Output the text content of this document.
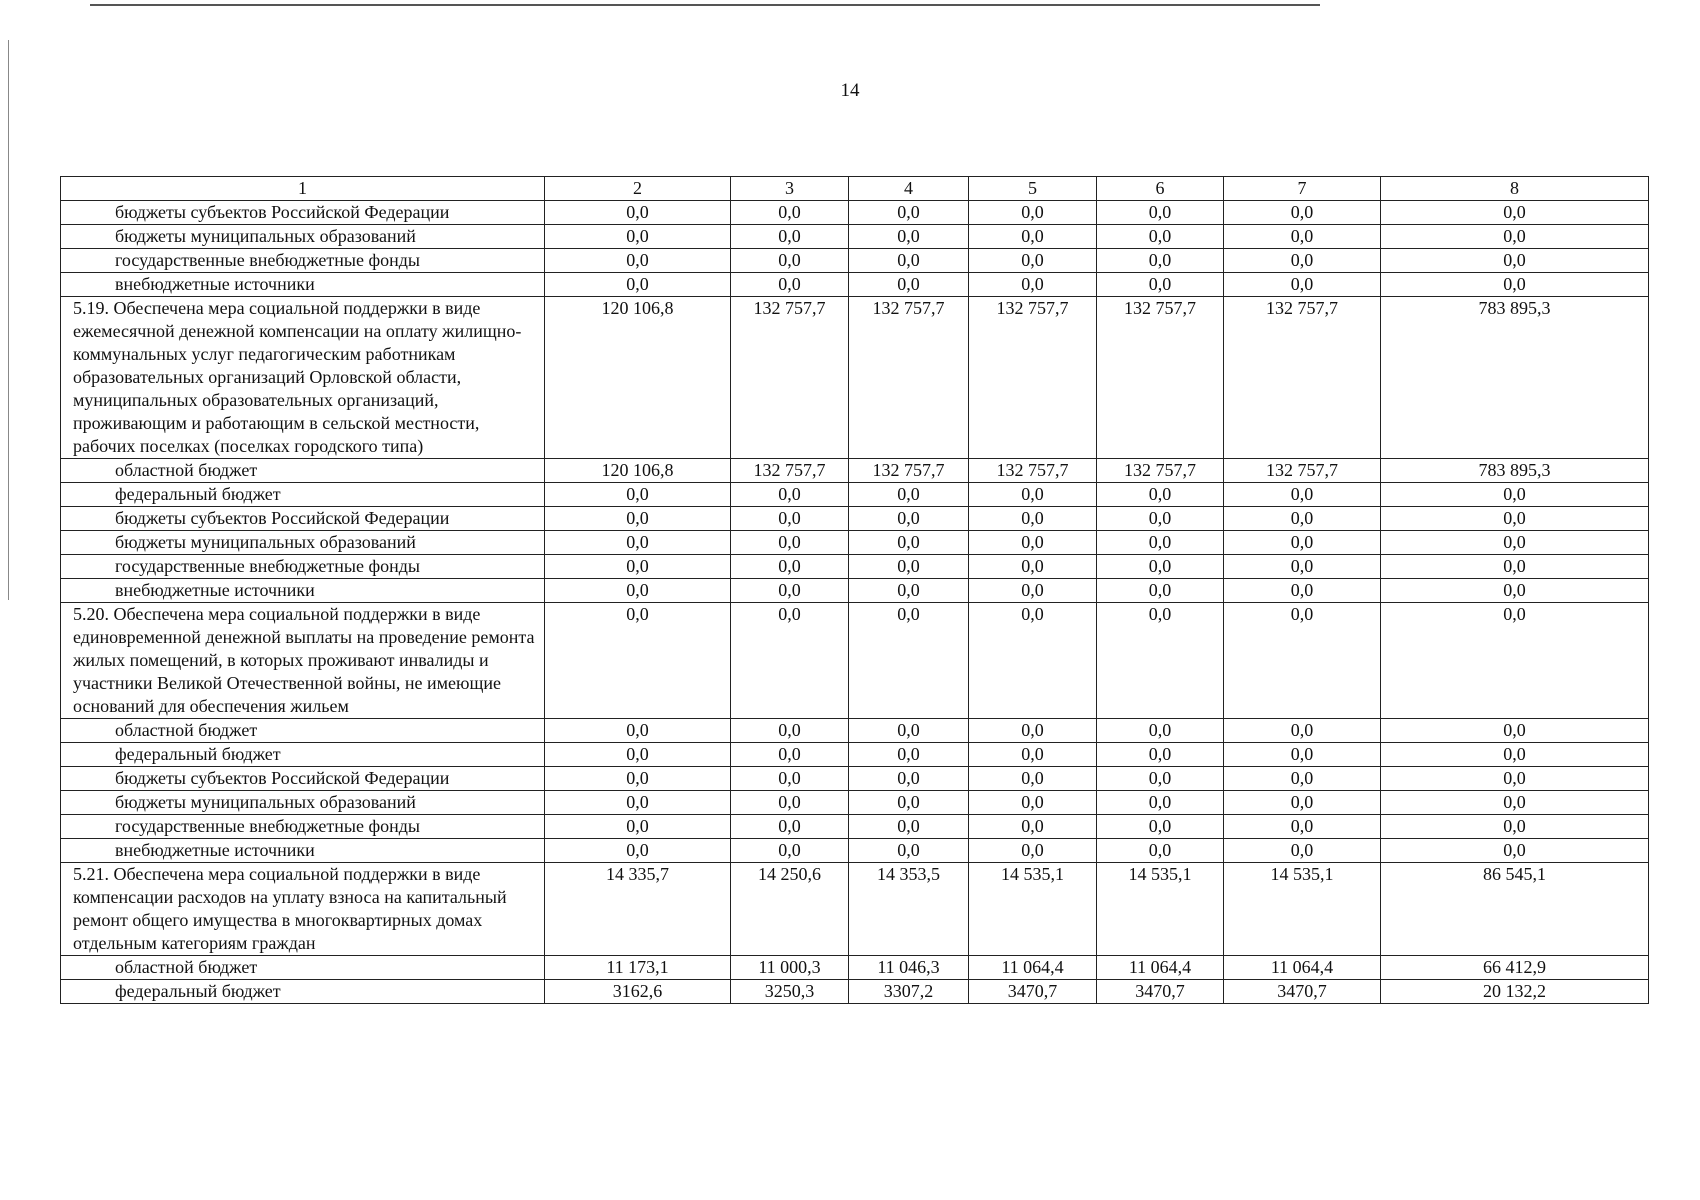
14
1	2	3	4	5	6	7	8
бюджеты субъектов Российской Федерации	0,0	0,0	0,0	0,0	0,0	0,0	0,0
бюджеты муниципальных образований	0,0	0,0	0,0	0,0	0,0	0,0	0,0
государственные внебюджетные фонды	0,0	0,0	0,0	0,0	0,0	0,0	0,0
внебюджетные источники	0,0	0,0	0,0	0,0	0,0	0,0	0,0
5.19. Обеспечена мера социальной поддержки в виде ежемесячной денежной компенсации на оплату жилищно-коммунальных услуг педагогическим работникам образовательных организаций Орловской области, муниципальных образовательных организаций, проживающим и работающим в сельской местности, рабочих поселках (поселках городского типа)	120 106,8	132 757,7	132 757,7	132 757,7	132 757,7	132 757,7	783 895,3
областной бюджет	120 106,8	132 757,7	132 757,7	132 757,7	132 757,7	132 757,7	783 895,3
федеральный бюджет	0,0	0,0	0,0	0,0	0,0	0,0	0,0
бюджеты субъектов Российской Федерации	0,0	0,0	0,0	0,0	0,0	0,0	0,0
бюджеты муниципальных образований	0,0	0,0	0,0	0,0	0,0	0,0	0,0
государственные внебюджетные фонды	0,0	0,0	0,0	0,0	0,0	0,0	0,0
внебюджетные источники	0,0	0,0	0,0	0,0	0,0	0,0	0,0
5.20. Обеспечена мера социальной поддержки в виде единовременной денежной выплаты на проведение ремонта жилых помещений, в которых проживают инвалиды и участники Великой Отечественной войны, не имеющие оснований для обеспечения жильем	0,0	0,0	0,0	0,0	0,0	0,0	0,0
областной бюджет	0,0	0,0	0,0	0,0	0,0	0,0	0,0
федеральный бюджет	0,0	0,0	0,0	0,0	0,0	0,0	0,0
бюджеты субъектов Российской Федерации	0,0	0,0	0,0	0,0	0,0	0,0	0,0
бюджеты муниципальных образований	0,0	0,0	0,0	0,0	0,0	0,0	0,0
государственные внебюджетные фонды	0,0	0,0	0,0	0,0	0,0	0,0	0,0
внебюджетные источники	0,0	0,0	0,0	0,0	0,0	0,0	0,0
5.21. Обеспечена мера социальной поддержки в виде компенсации расходов на уплату взноса на капитальный ремонт общего имущества в многоквартирных домах отдельным категориям граждан	14 335,7	14 250,6	14 353,5	14 535,1	14 535,1	14 535,1	86 545,1
областной бюджет	11 173,1	11 000,3	11 046,3	11 064,4	11 064,4	11 064,4	66 412,9
федеральный бюджет	3162,6	3250,3	3307,2	3470,7	3470,7	3470,7	20 132,2
